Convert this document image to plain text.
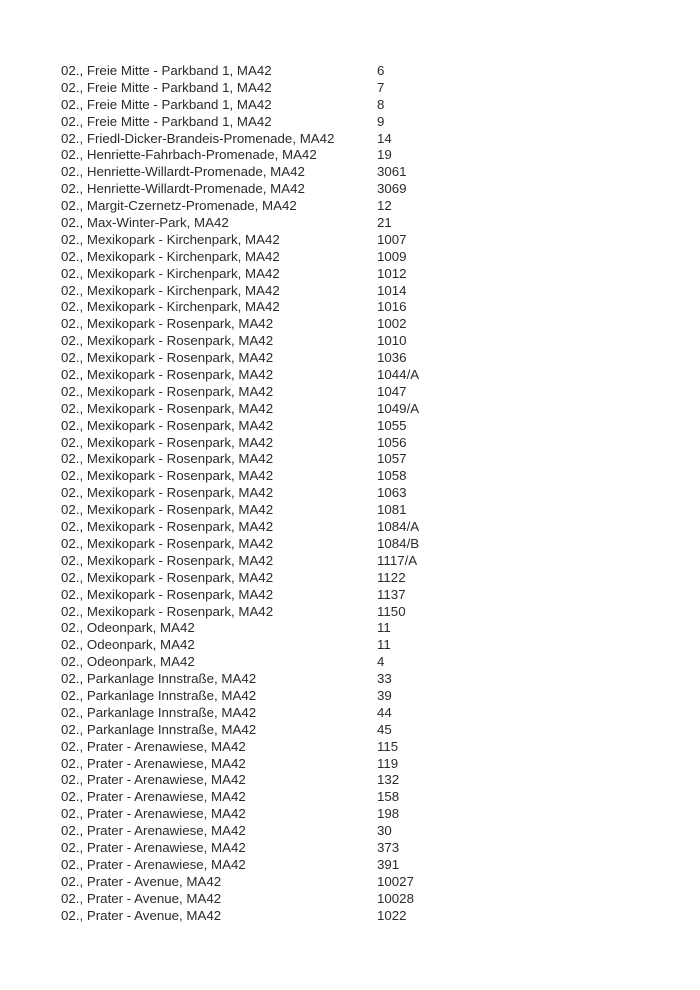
02., Freie Mitte - Parkband 1, MA42	6
02., Freie Mitte - Parkband 1, MA42	7
02., Freie Mitte - Parkband 1, MA42	8
02., Freie Mitte - Parkband 1, MA42	9
02., Friedl-Dicker-Brandeis-Promenade, MA42	14
02., Henriette-Fahrbach-Promenade, MA42	19
02., Henriette-Willardt-Promenade, MA42	3061
02., Henriette-Willardt-Promenade, MA42	3069
02., Margit-Czernetz-Promenade, MA42	12
02., Max-Winter-Park, MA42	21
02., Mexikopark - Kirchenpark, MA42	1007
02., Mexikopark - Kirchenpark, MA42	1009
02., Mexikopark - Kirchenpark, MA42	1012
02., Mexikopark - Kirchenpark, MA42	1014
02., Mexikopark - Kirchenpark, MA42	1016
02., Mexikopark - Rosenpark, MA42	1002
02., Mexikopark - Rosenpark, MA42	1010
02., Mexikopark - Rosenpark, MA42	1036
02., Mexikopark - Rosenpark, MA42	1044/A
02., Mexikopark - Rosenpark, MA42	1047
02., Mexikopark - Rosenpark, MA42	1049/A
02., Mexikopark - Rosenpark, MA42	1055
02., Mexikopark - Rosenpark, MA42	1056
02., Mexikopark - Rosenpark, MA42	1057
02., Mexikopark - Rosenpark, MA42	1058
02., Mexikopark - Rosenpark, MA42	1063
02., Mexikopark - Rosenpark, MA42	1081
02., Mexikopark - Rosenpark, MA42	1084/A
02., Mexikopark - Rosenpark, MA42	1084/B
02., Mexikopark - Rosenpark, MA42	1117/A
02., Mexikopark - Rosenpark, MA42	1122
02., Mexikopark - Rosenpark, MA42	1137
02., Mexikopark - Rosenpark, MA42	1150
02., Odeonpark, MA42	11
02., Odeonpark, MA42	11
02., Odeonpark, MA42	4
02., Parkanlage Innstraße, MA42	33
02., Parkanlage Innstraße, MA42	39
02., Parkanlage Innstraße, MA42	44
02., Parkanlage Innstraße, MA42	45
02., Prater - Arenawiese, MA42	115
02., Prater - Arenawiese, MA42	119
02., Prater - Arenawiese, MA42	132
02., Prater - Arenawiese, MA42	158
02., Prater - Arenawiese, MA42	198
02., Prater - Arenawiese, MA42	30
02., Prater - Arenawiese, MA42	373
02., Prater - Arenawiese, MA42	391
02., Prater - Avenue, MA42	10027
02., Prater - Avenue, MA42	10028
02., Prater - Avenue, MA42	1022
